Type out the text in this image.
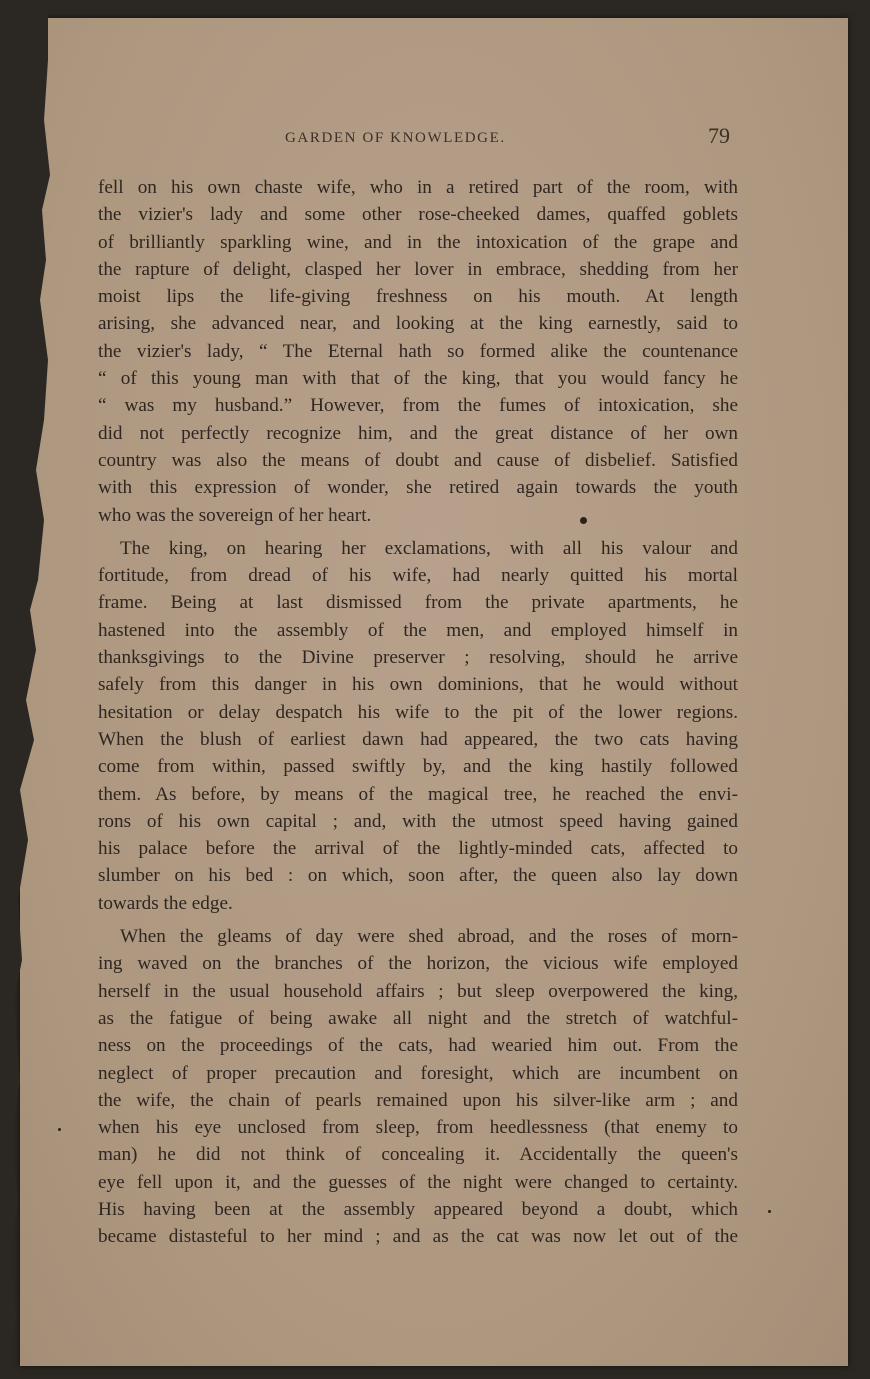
GARDEN OF KNOWLEDGE.	79
fell on his own chaste wife, who in a retired part of the room, with
the vizier's lady and some other rose-cheeked dames, quaffed goblets
of brilliantly sparkling wine, and in the intoxication of the grape and
the rapture of delight, clasped her lover in embrace, shedding from her
moist lips the life-giving freshness on his mouth. At length
arising, she advanced near, and looking at the king earnestly, said to
the vizier's lady, “ The Eternal hath so formed alike the countenance
“ of this young man with that of the king, that you would fancy he
“ was my husband.” However, from the fumes of intoxication, she
did not perfectly recognize him, and the great distance of her own
country was also the means of doubt and cause of disbelief. Satisfied
with this expression of wonder, she retired again towards the youth
who was the sovereign of her heart.
The king, on hearing her exclamations, with all his valour and
fortitude, from dread of his wife, had nearly quitted his mortal
frame. Being at last dismissed from the private apartments, he
hastened into the assembly of the men, and employed himself in
thanksgivings to the Divine preserver ; resolving, should he arrive
safely from this danger in his own dominions, that he would without
hesitation or delay despatch his wife to the pit of the lower regions.
When the blush of earliest dawn had appeared, the two cats having
come from within, passed swiftly by, and the king hastily followed
them. As before, by means of the magical tree, he reached the envi-
rons of his own capital ; and, with the utmost speed having gained
his palace before the arrival of the lightly-minded cats, affected to
slumber on his bed : on which, soon after, the queen also lay down
towards the edge.
When the gleams of day were shed abroad, and the roses of morn-
ing waved on the branches of the horizon, the vicious wife employed
herself in the usual household affairs ; but sleep overpowered the king,
as the fatigue of being awake all night and the stretch of watchful-
ness on the proceedings of the cats, had wearied him out. From the
neglect of proper precaution and foresight, which are incumbent on
the wife, the chain of pearls remained upon his silver-like arm ; and
when his eye unclosed from sleep, from heedlessness (that enemy to
man) he did not think of concealing it. Accidentally the queen's
eye fell upon it, and the guesses of the night were changed to certainty.
His having been at the assembly appeared beyond a doubt, which
became distasteful to her mind ; and as the cat was now let out of the
